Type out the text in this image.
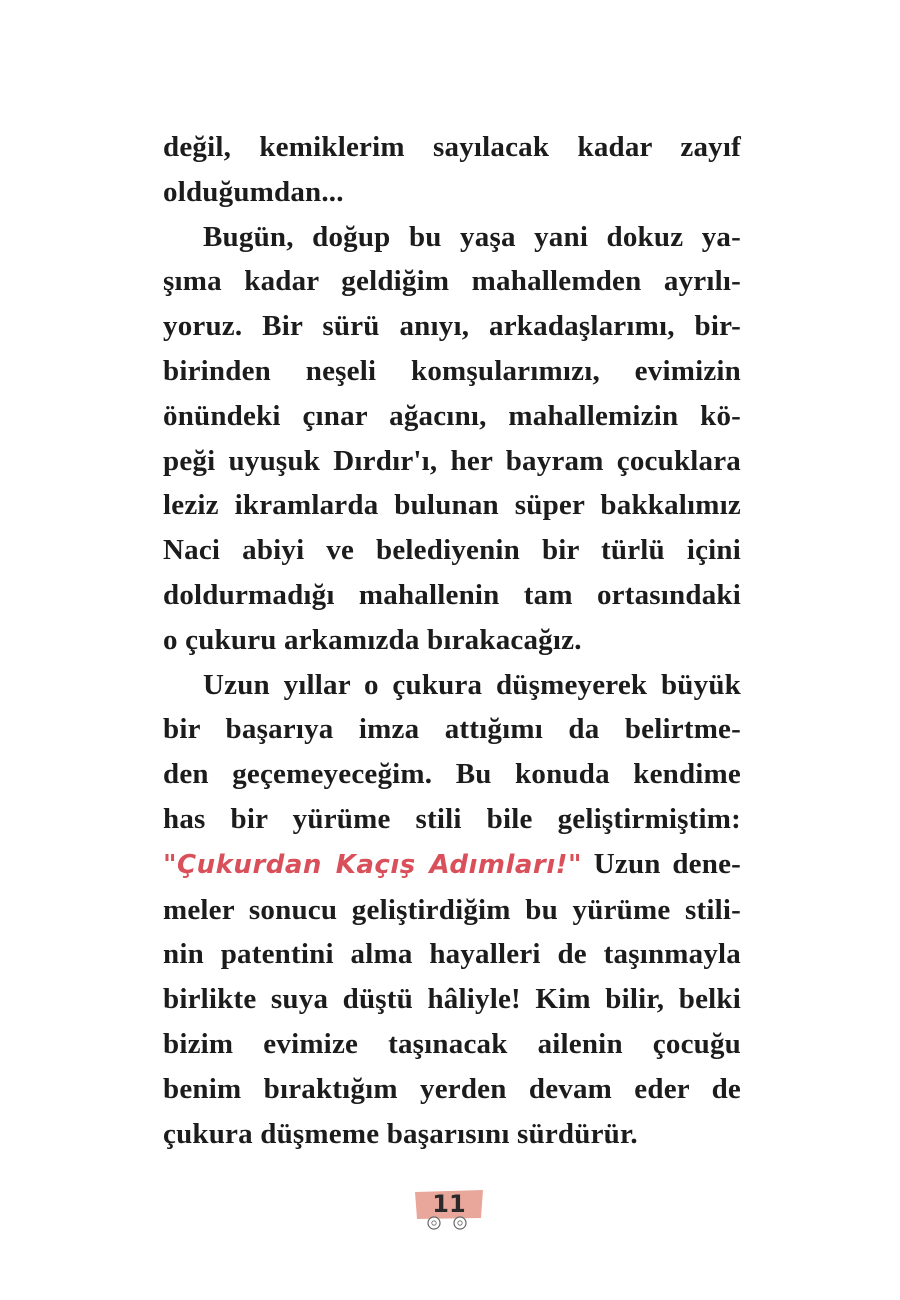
değil, kemiklerim sayılacak kadar zayıf
olduğumdan...
Bugün, doğup bu yaşa yani dokuz ya-
şıma kadar geldiğim mahallemden ayrılı-
yoruz. Bir sürü anıyı, arkadaşlarımı, bir-
birinden neşeli komşularımızı, evimizin
önündeki çınar ağacını, mahallemizin kö-
peği uyuşuk Dırdır'ı, her bayram çocuklara
leziz ikramlarda bulunan süper bakkalımız
Naci abiyi ve belediyenin bir türlü içini
doldurmadığı mahallenin tam ortasındaki
o çukuru arkamızda bırakacağız.
Uzun yıllar o çukura düşmeyerek büyük
bir başarıya imza attığımı da belirtme-
den geçemeyeceğim. Bu konuda kendime
has bir yürüme stili bile geliştirmiştim:
"Çukurdan Kaçış Adımları!" Uzun dene-
meler sonucu geliştirdiğim bu yürüme stili-
nin patentini alma hayalleri de taşınmayla
birlikte suya düştü hâliyle! Kim bilir, belki
bizim evimize taşınacak ailenin çocuğu
benim bıraktığım yerden devam eder de
çukura düşmeme başarısını sürdürür.
11
